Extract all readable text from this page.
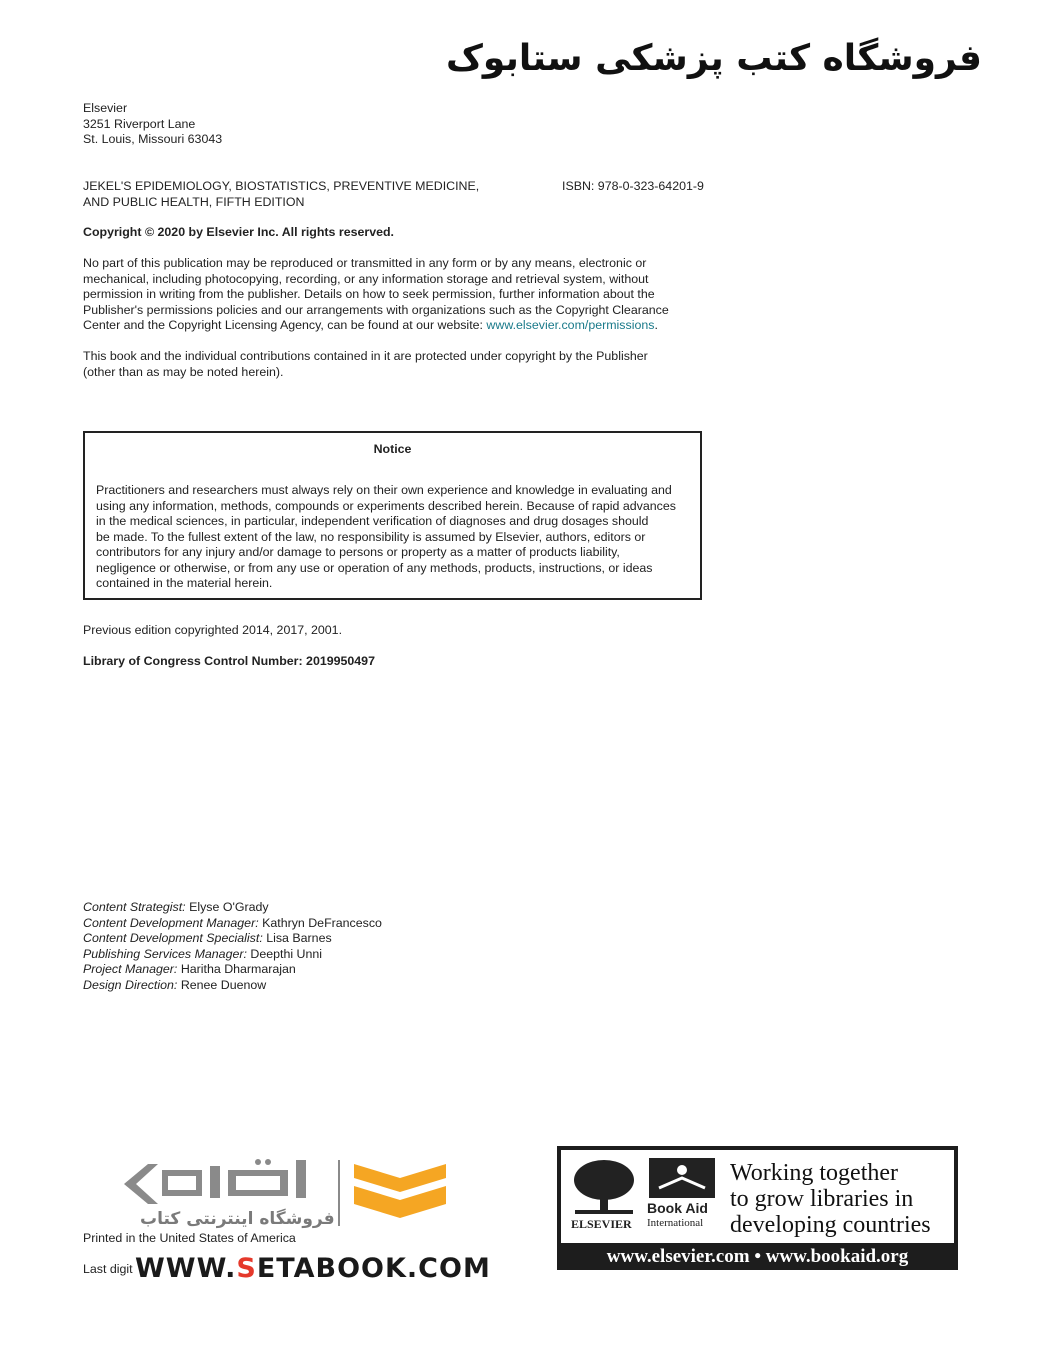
فروشگاه کتب پزشکی ستابوک
Elsevier
3251 Riverport Lane
St. Louis, Missouri 63043
JEKEL'S EPIDEMIOLOGY, BIOSTATISTICS, PREVENTIVE MEDICINE,
AND PUBLIC HEALTH, FIFTH EDITION
ISBN: 978-0-323-64201-9
Copyright © 2020 by Elsevier Inc. All rights reserved.
No part of this publication may be reproduced or transmitted in any form or by any means, electronic or
mechanical, including photocopying, recording, or any information storage and retrieval system, without
permission in writing from the publisher. Details on how to seek permission, further information about the
Publisher's permissions policies and our arrangements with organizations such as the Copyright Clearance
Center and the Copyright Licensing Agency, can be found at our website: www.elsevier.com/permissions.
This book and the individual contributions contained in it are protected under copyright by the Publisher
(other than as may be noted herein).
Notice
Practitioners and researchers must always rely on their own experience and knowledge in evaluating and
using any information, methods, compounds or experiments described herein. Because of rapid advances
in the medical sciences, in particular, independent verification of diagnoses and drug dosages should
be made. To the fullest extent of the law, no responsibility is assumed by Elsevier, authors, editors or
contributors for any injury and/or damage to persons or property as a matter of products liability,
negligence or otherwise, or from any use or operation of any methods, products, instructions, or ideas
contained in the material herein.
Previous edition copyrighted 2014, 2017, 2001.
Library of Congress Control Number: 2019950497
Content Strategist: Elyse O'Grady
Content Development Manager: Kathryn DeFrancesco
Content Development Specialist: Lisa Barnes
Publishing Services Manager: Deepthi Unni
Project Manager: Haritha Dharmarajan
Design Direction: Renee Duenow
فروشگاه اینترنتی کتاب
Printed in the United States of America
Last digit WWW.SETABOOK.COM
ELSEVIER
Book Aid
International
Working together
to grow libraries in
developing countries
www.elsevier.com • www.bookaid.org
